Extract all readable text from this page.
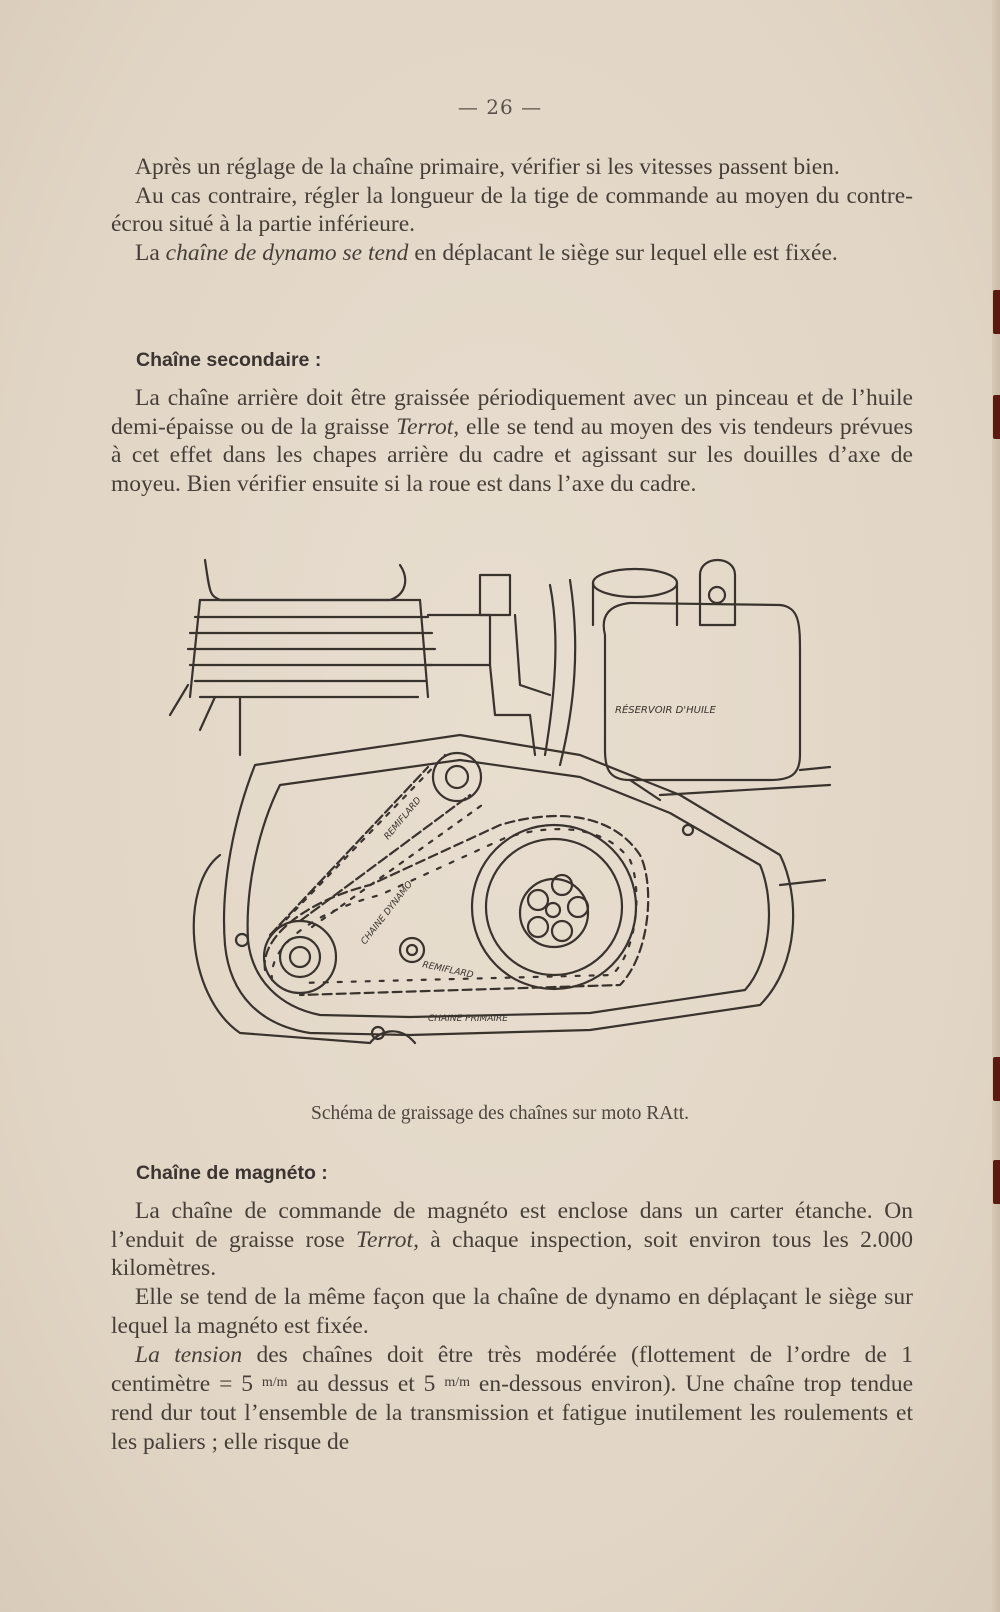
— 26 —

Après un réglage de la chaîne primaire, vérifier si les vitesses passent bien.

Au cas contraire, régler la longueur de la tige de commande au moyen du contre-écrou situé à la partie inférieure.

La chaîne de dynamo se tend en déplacant le siège sur lequel elle est fixée.

Chaîne secondaire :

La chaîne arrière doit être graissée périodiquement avec un pinceau et de l’huile demi-épaisse ou de la graisse Terrot, elle se tend au moyen des vis tendeurs prévues à cet effet dans les chapes arrière du cadre et agissant sur les douilles d’axe de moyeu. Bien vérifier ensuite si la roue est dans l’axe du cadre.

RÉSERVOIR D'HUILE
REMIFLARD
CHAINE DYNAMO
REMIFLARD
CHAINE PRIMAIRE
Schéma de graissage des chaînes sur moto RAtt.
Chaîne de magnéto :

La chaîne de commande de magnéto est enclose dans un carter étanche. On l’enduit de graisse rose Terrot, à chaque inspection, soit environ tous les 2.000 kilomètres.

Elle se tend de la même façon que la chaîne de dynamo en déplaçant le siège sur lequel la magnéto est fixée.

La tension des chaînes doit être très modérée (flottement de l’ordre de 1 centimètre = 5 $^{m/m}$ au dessus et 5 $^{m/m}$ en-dessous environ). Une chaîne trop tendue rend dur tout l’ensemble de la transmission et fatigue inutilement les roulements et les paliers ; elle risque de
